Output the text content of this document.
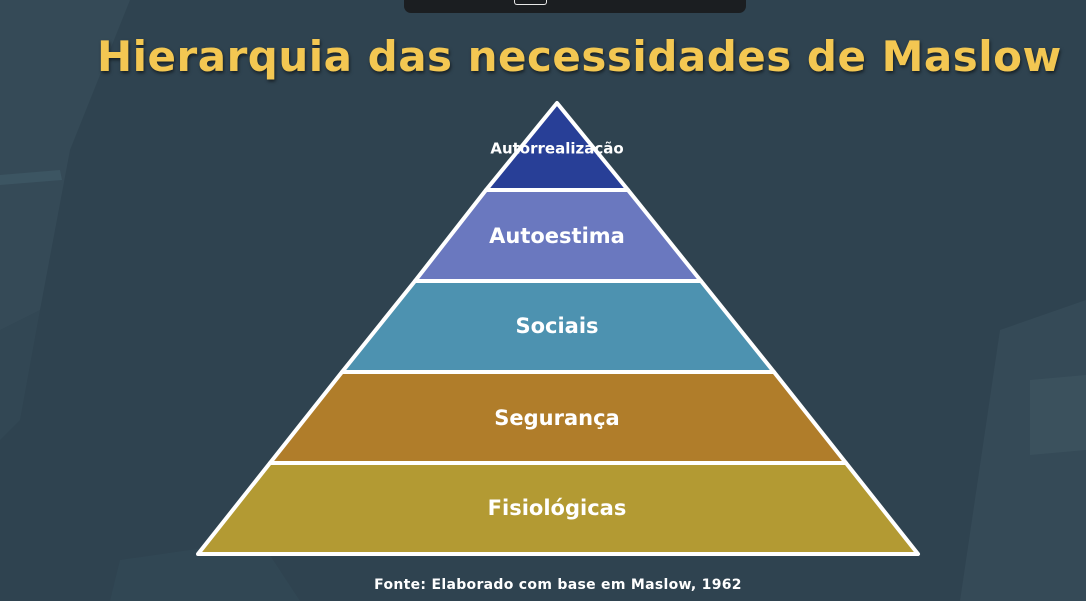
Hierarquia das necessidades de Maslow
Autorrealização
Autoestima
Sociais
Segurança
Fisiológicas
Fonte: Elaborado com base em Maslow, 1962
